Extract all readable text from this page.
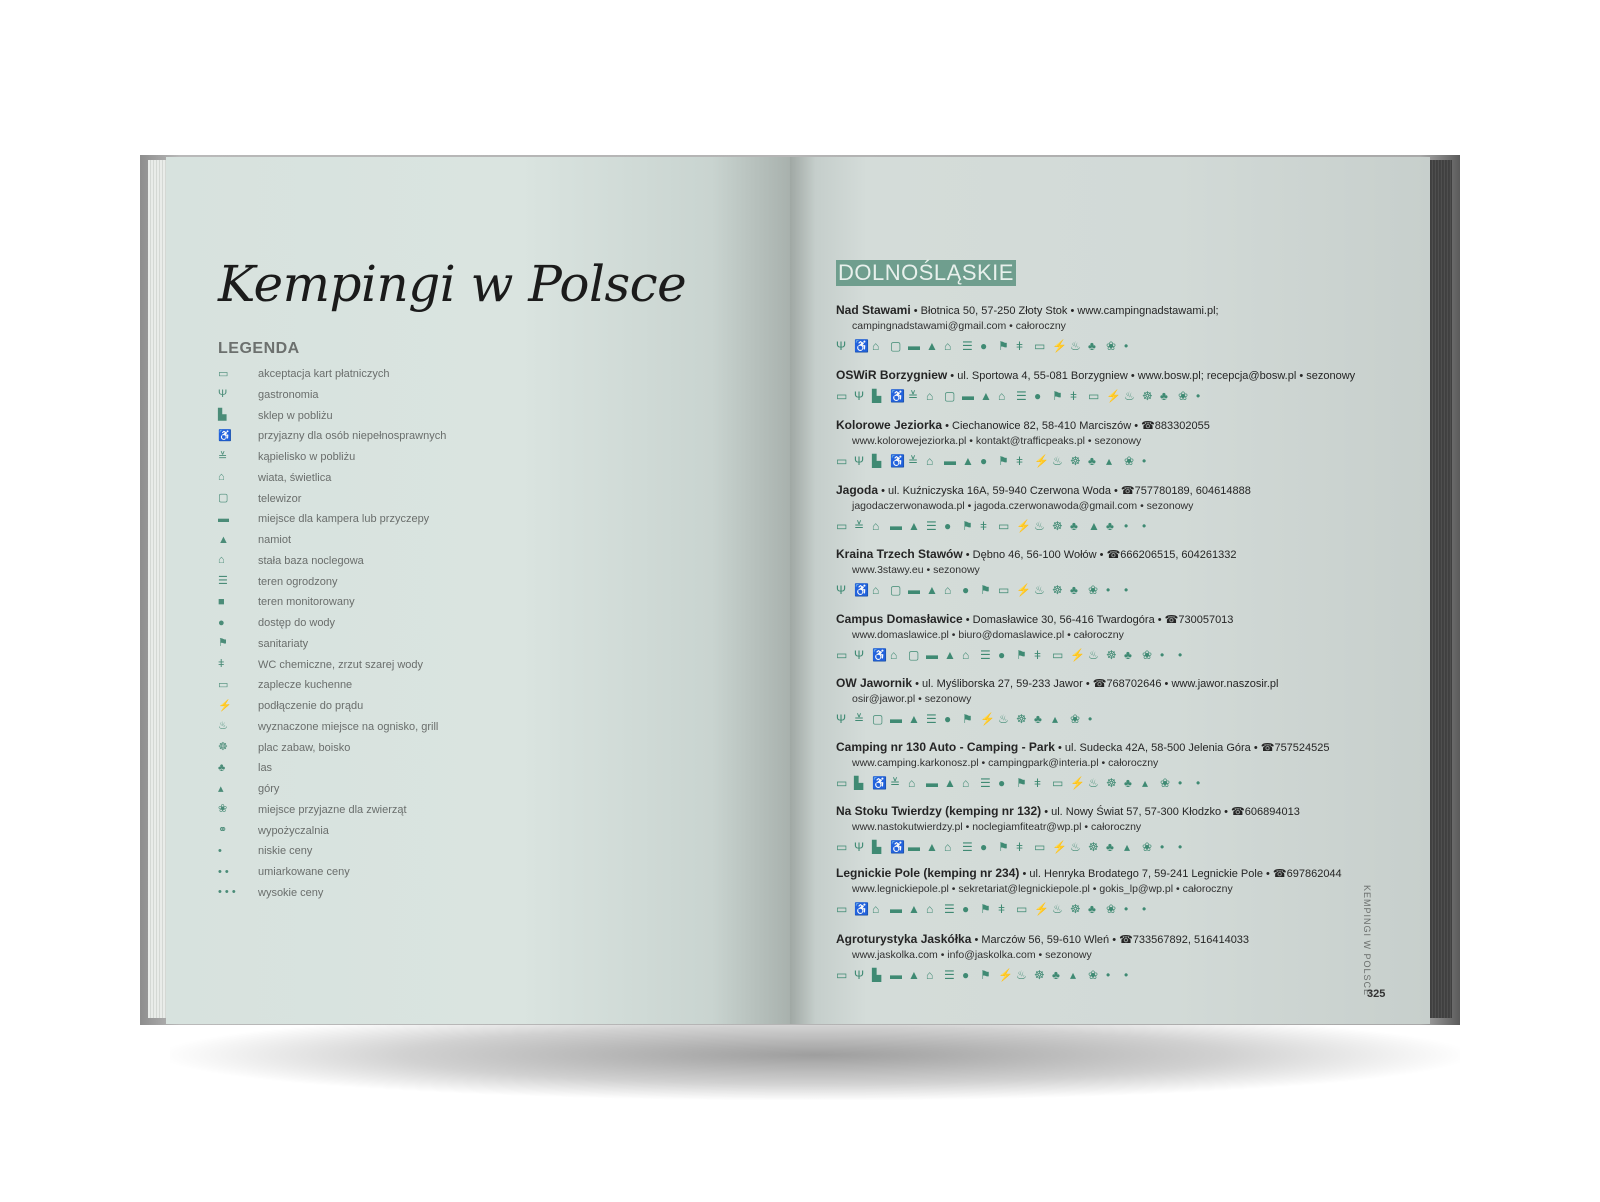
Kempingi w Polsce
LEGENDA
▭	akceptacja kart płatniczych
Ψ	gastronomia
▙	sklep w pobliżu
♿	przyjazny dla osób niepełnosprawnych
≚	kąpielisko w pobliżu
⌂	wiata, świetlica
▢	telewizor
▬	miejsce dla kampera lub przyczepy
▲	namiot
⌂	stała baza noclegowa
☰	teren ogrodzony
■	teren monitorowany
●	dostęp do wody
⚑	sanitariaty
ǂ	WC chemiczne, zrzut szarej wody
▭	zaplecze kuchenne
⚡	podłączenie do prądu
♨	wyznaczone miejsce na ognisko, grill
☸	plac zabaw, boisko
♣	las
▴	góry
❀	miejsce przyjazne dla zwierząt
⚭	wypożyczalnia
•	niskie ceny
• •	umiarkowane ceny
• • •	wysokie ceny
DOLNOŚLĄSKIE
Nad Stawami • Błotnica 50, 57-250 Złoty Stok • www.campingnadstawami.pl;
campingnadstawami@gmail.com • całoroczny
Ψ ♿ ⌂ ▢ ▬ ▲ ⌂ ☰ ● ⚑ ǂ ▭ ⚡ ♨ ♣ ❀ •
OSWiR Borzygniew • ul. Sportowa 4, 55-081 Borzygniew • www.bosw.pl; recepcja@bosw.pl • sezonowy
▭ Ψ ▙ ♿ ≚ ⌂ ▢ ▬ ▲ ⌂ ☰ ● ⚑ ǂ ▭ ⚡ ♨ ☸ ♣ ❀ •
Kolorowe Jeziorka • Ciechanowice 82, 58-410 Marciszów • ☎883302055
www.kolorowejeziorka.pl • kontakt@trafficpeaks.pl • sezonowy
▭ Ψ ▙ ♿ ≚ ⌂ ▬ ▲ ● ⚑ ǂ ⚡ ♨ ☸ ♣ ▴ ❀ •
Jagoda • ul. Kuźniczyska 16A, 59-940 Czerwona Woda • ☎757780189, 604614888
jagodaczerwonawoda.pl • jagoda.czerwonawoda@gmail.com • sezonowy
▭ ≚ ⌂ ▬ ▲ ☰ ● ⚑ ǂ ▭ ⚡ ♨ ☸ ♣ ▲ ♣ • •
Kraina Trzech Stawów • Dębno 46, 56-100 Wołów • ☎666206515, 604261332
www.3stawy.eu • sezonowy
Ψ ♿ ⌂ ▢ ▬ ▲ ⌂ ● ⚑ ▭ ⚡ ♨ ☸ ♣ ❀ • •
Campus Domasławice • Domasławice 30, 56-416 Twardogóra • ☎730057013
www.domaslawice.pl • biuro@domaslawice.pl • całoroczny
▭ Ψ ♿ ⌂ ▢ ▬ ▲ ⌂ ☰ ● ⚑ ǂ ▭ ⚡ ♨ ☸ ♣ ❀ • •
OW Jawornik • ul. Myśliborska 27, 59-233 Jawor • ☎768702646 • www.jawor.naszosir.pl
osir@jawor.pl • sezonowy
Ψ ≚ ▢ ▬ ▲ ☰ ● ⚑ ⚡ ♨ ☸ ♣ ▴ ❀ •
Camping nr 130 Auto - Camping - Park • ul. Sudecka 42A, 58-500 Jelenia Góra • ☎757524525
www.camping.karkonosz.pl • campingpark@interia.pl • całoroczny
▭ ▙ ♿ ≚ ⌂ ▬ ▲ ⌂ ☰ ● ⚑ ǂ ▭ ⚡ ♨ ☸ ♣ ▴ ❀ • •
Na Stoku Twierdzy (kemping nr 132) • ul. Nowy Świat 57, 57-300 Kłodzko • ☎606894013
www.nastokutwierdzy.pl • noclegiamfiteatr@wp.pl • całoroczny
▭ Ψ ▙ ♿ ▬ ▲ ⌂ ☰ ● ⚑ ǂ ▭ ⚡ ♨ ☸ ♣ ▴ ❀ • •
Legnickie Pole (kemping nr 234) • ul. Henryka Brodatego 7, 59-241 Legnickie Pole • ☎697862044
www.legnickiepole.pl • sekretariat@legnickiepole.pl • gokis_lp@wp.pl • całoroczny
▭ ♿ ⌂ ▬ ▲ ⌂ ☰ ● ⚑ ǂ ▭ ⚡ ♨ ☸ ♣ ❀ • •
Agroturystyka Jaskółka • Marczów 56, 59-610 Wleń • ☎733567892, 516414033
www.jaskolka.com • info@jaskolka.com • sezonowy
▭ Ψ ▙ ▬ ▲ ⌂ ☰ ● ⚑ ⚡ ♨ ☸ ♣ ▴ ❀ • •	KEMPINGI W POLSCE
325
